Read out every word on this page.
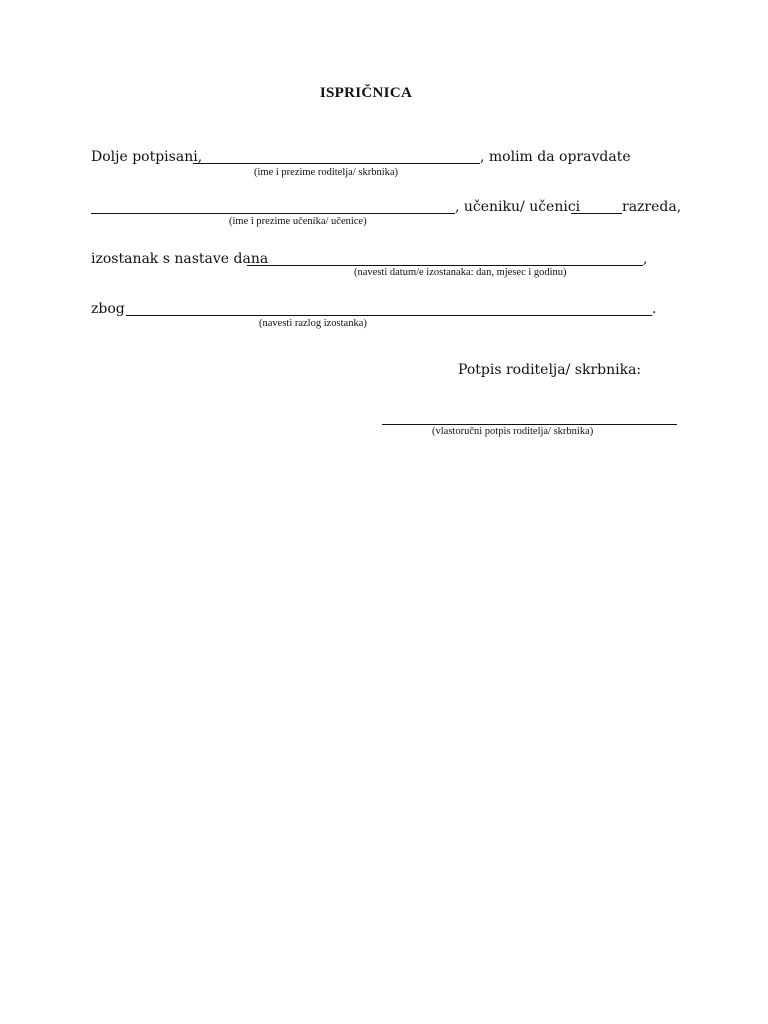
ISPRIČNICA
Dolje potpisani,	, molim da opravdate
(ime i prezime roditelja/ skrbnika)
, učeniku/ učenici	razreda,
(ime i prezime učenika/ učenice)
izostanak s nastave dana	,
(navesti datum/e izostanaka: dan, mjesec i godinu)
zbog	.
(navesti razlog izostanka)
Potpis roditelja/ skrbnika:
(vlastoručni potpis roditelja/ skrbnika)
